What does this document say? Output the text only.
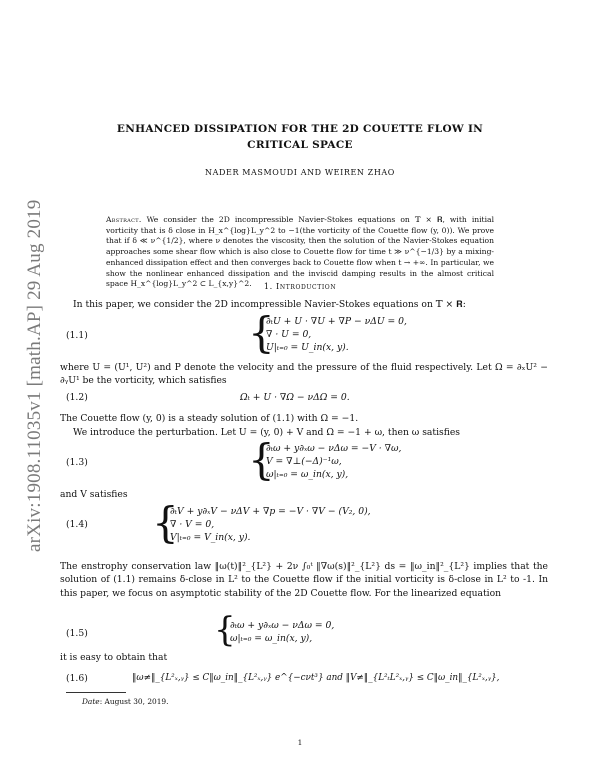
arXiv:1908.11035v1 [math.AP] 29 Aug 2019
ENHANCED DISSIPATION FOR THE 2D COUETTE FLOW IN
CRITICAL SPACE
NADER MASMOUDI AND WEIREN ZHAO
Abstract. We consider the 2D incompressible Navier-Stokes equations on 𝕋 × 𝐑, with initial vorticity that is δ close in H_x^{log}L_y^2 to −1(the vorticity of the Couette flow (y, 0)). We prove that if δ ≪ ν^{1/2}, where ν denotes the viscosity, then the solution of the Navier-Stokes equation approaches some shear flow which is also close to Couette flow for time t ≫ ν^{−1/3} by a mixing-enhanced dissipation effect and then converges back to Couette flow when t → +∞. In particular, we show the nonlinear enhanced dissipation and the inviscid damping results in the almost critical space H_x^{log}L_y^2 ⊂ L_{x,y}^2.	1. Introduction
In this paper, we consider the 2D incompressible Navier-Stokes equations on 𝕋 × 𝐑:
(1.1)	{
∂ₜU + U · ∇U + ∇P − νΔU = 0,
∇ · U = 0,
U|ₜ₌₀ = U_in(x, y).
where U = (U¹, U²) and P denote the velocity and the pressure of the fluid respectively. Let Ω = ∂ₓU² − ∂ᵧU¹ be the vorticity, which satisfies
(1.2)	Ωₜ + U · ∇Ω − νΔΩ = 0.
The Couette flow (y, 0) is a steady solution of (1.1) with Ω = −1.
We introduce the perturbation. Let U = (y, 0) + V and Ω = −1 + ω, then ω satisfies
(1.3)	{
∂ₜω + y∂ₓω − νΔω = −V · ∇ω,
V = ∇⊥(−Δ)⁻¹ω,
ω|ₜ₌₀ = ω_in(x, y),
and V satisfies
(1.4) {
∂ₜV + y∂ₓV − νΔV + ∇p = −V · ∇V − (V₂, 0),
∇ · V = 0,
V|ₜ₌₀ = V_in(x, y).
The enstrophy conservation law ‖ω(t)‖²_{L²} + 2ν ∫₀ᵗ ‖∇ω(s)‖²_{L²} ds = ‖ω_in‖²_{L²} implies that the solution of (1.1) remains δ-close in L² to the Couette flow if the initial vorticity is δ-close in L² to -1. In this paper, we focus on asymptotic stability of the 2D Couette flow. For the linearized equation
(1.5)	{
∂ₜω + y∂ₓω − νΔω = 0,
ω|ₜ₌₀ = ω_in(x, y),
it is easy to obtain that
(1.6)	‖ω≠‖_{L²ₓ,ᵧ} ≤ C‖ω_in‖_{L²ₓ,ᵧ} e^{−cνt³} and ‖V≠‖_{L²ₜL²ₓ,ᵧ} ≤ C‖ω_in‖_{L²ₓ,ᵧ},
Date: August 30, 2019.
1
